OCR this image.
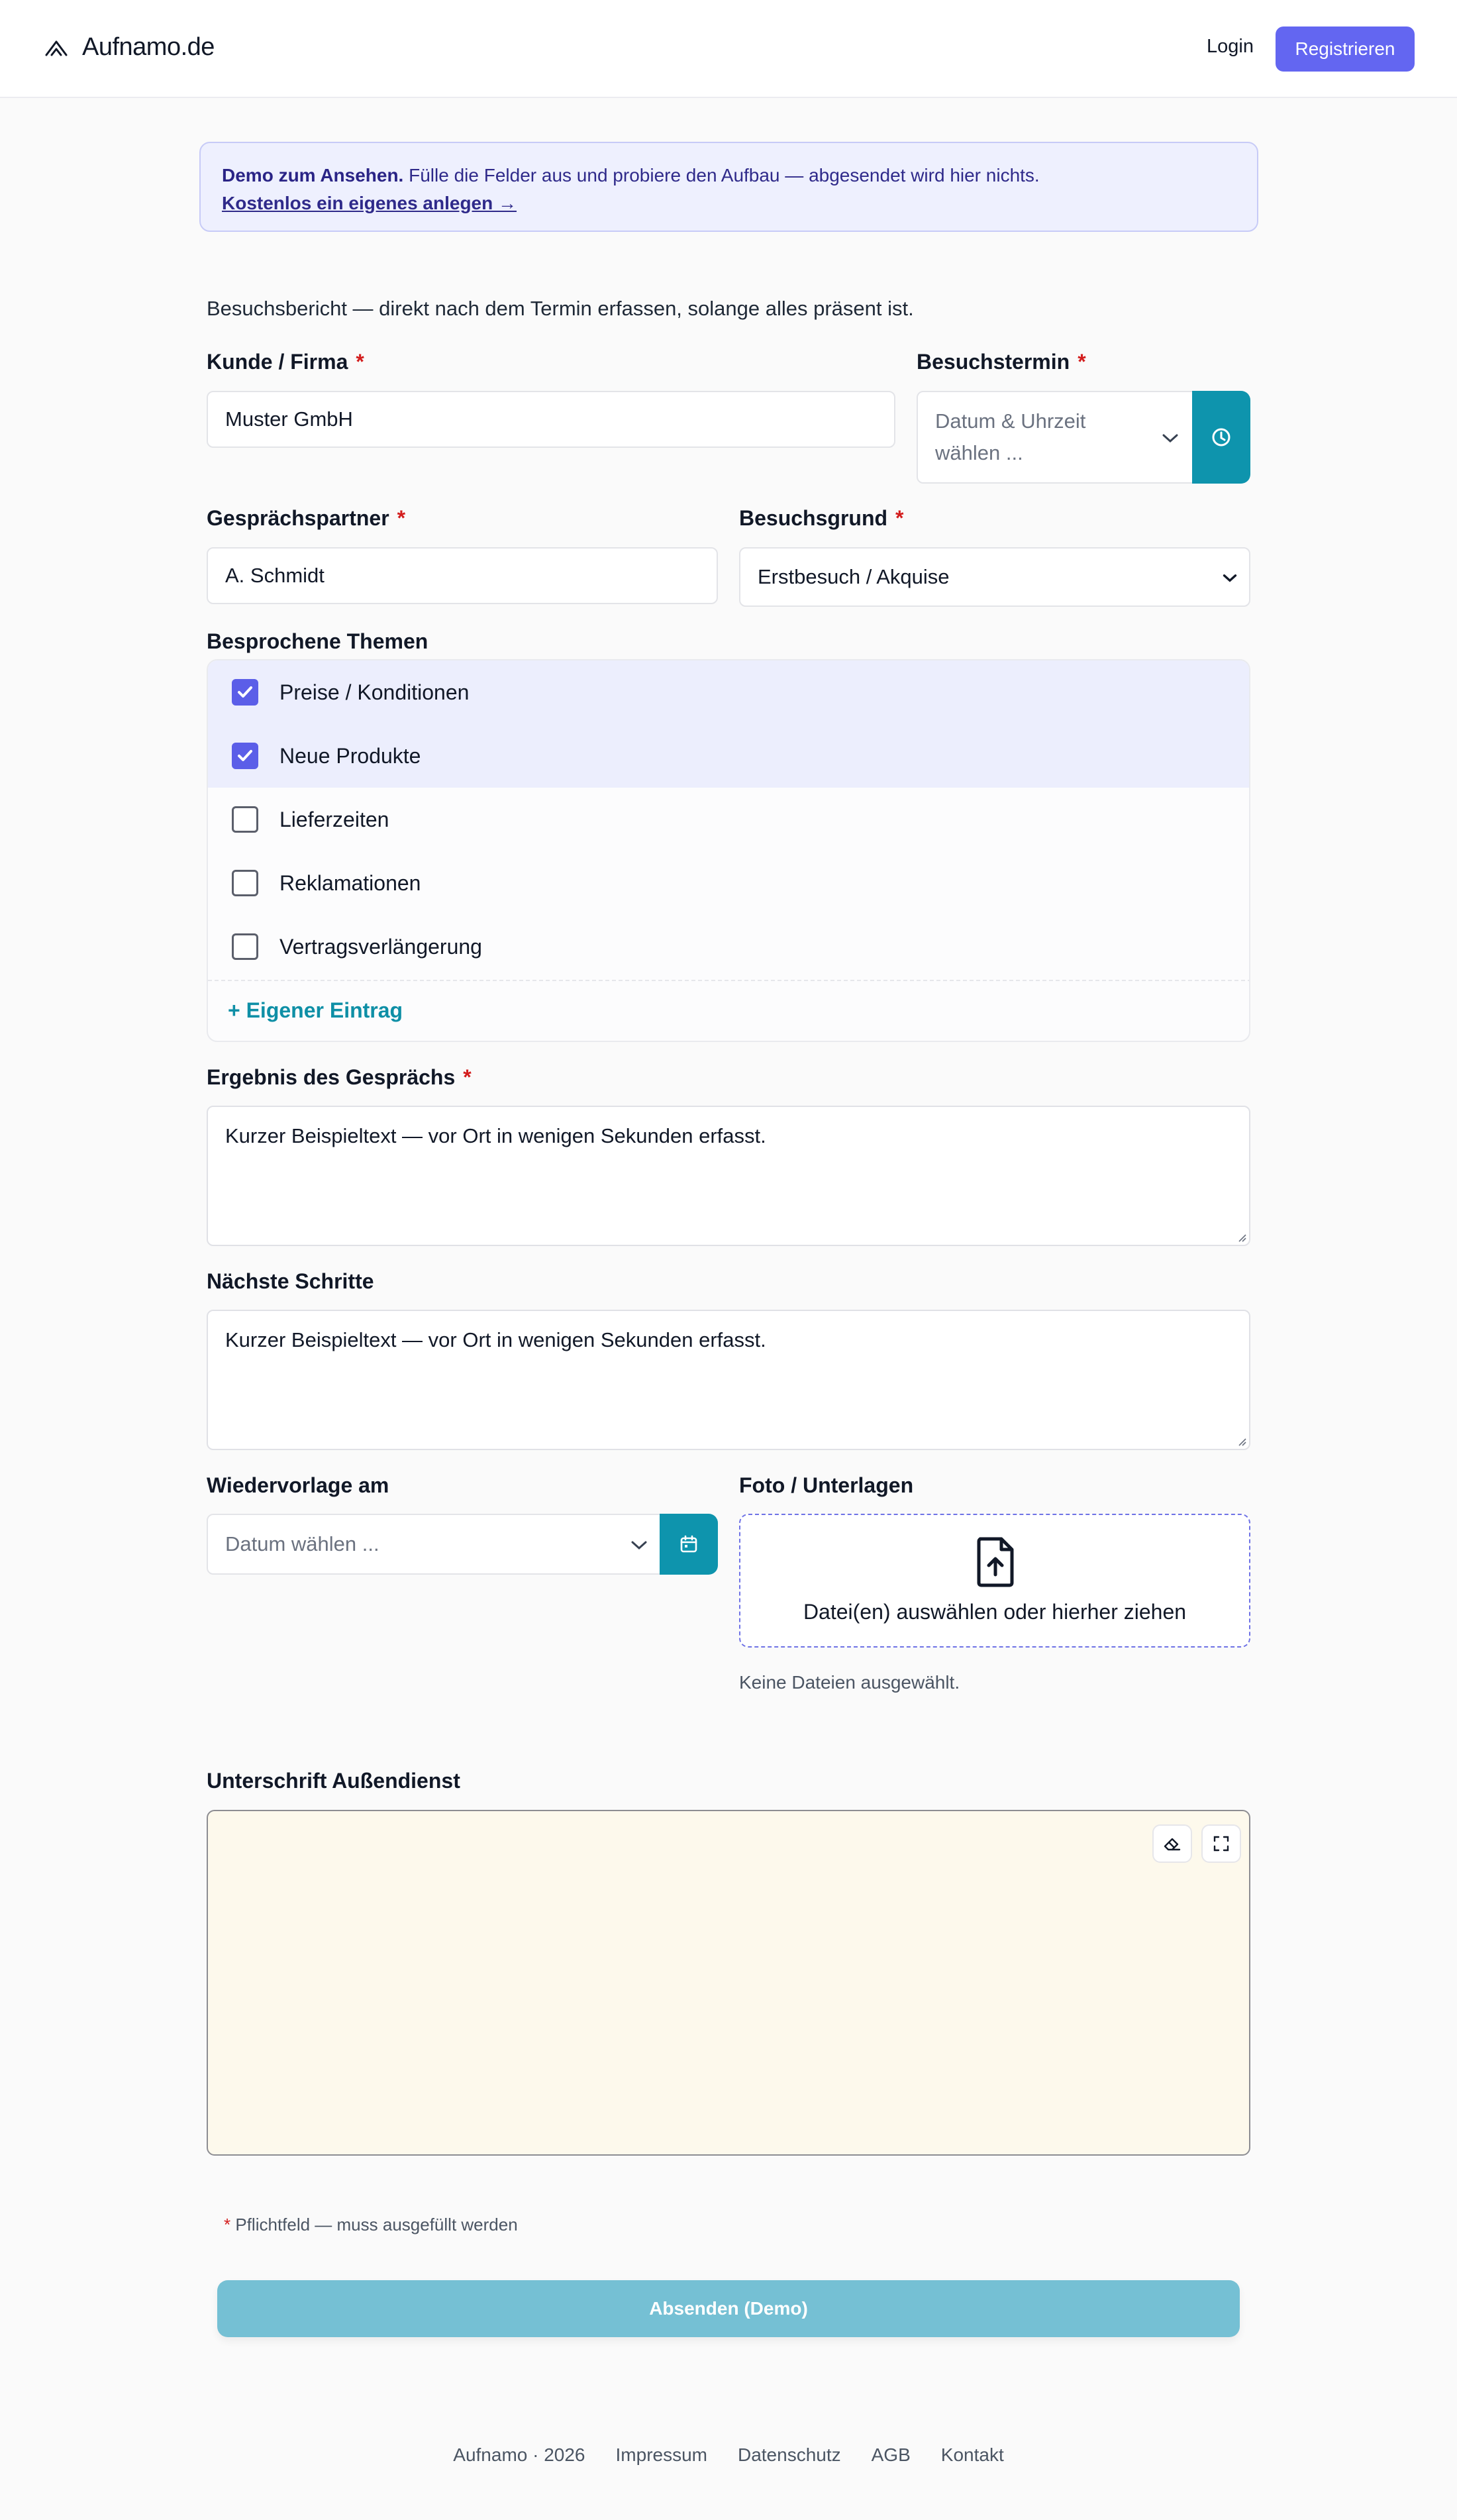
Aufnamo.de	Login	Registrieren
Demo zum Ansehen. Fülle die Felder aus und probiere den Aufbau — abgesendet wird hier nichts.
Kostenlos ein eigenes anlegen →
Besuchsbericht — direkt nach dem Termin erfassen, solange alles präsent ist.
Kunde / Firma *
Muster GmbH
Besuchstermin *
Datum & Uhrzeit
wählen ...
Gesprächspartner *
A. Schmidt
Besuchsgrund *
Erstbesuch / Akquise
Besprochene Themen
Preise / Konditionen
Neue Produkte
Lieferzeiten
Reklamationen
Vertragsverlängerung
+ Eigener Eintrag
Ergebnis des Gesprächs *
Kurzer Beispieltext — vor Ort in wenigen Sekunden erfasst.
Nächste Schritte
Kurzer Beispieltext — vor Ort in wenigen Sekunden erfasst.
Wiedervorlage am
Datum wählen ...
Foto / Unterlagen
Datei(en) auswählen oder hierher ziehen
Keine Dateien ausgewählt.
Unterschrift Außendienst
* Pflichtfeld — muss ausgefüllt werden
Absenden (Demo)
Aufnamo · 2026 Impressum Datenschutz AGB Kontakt
